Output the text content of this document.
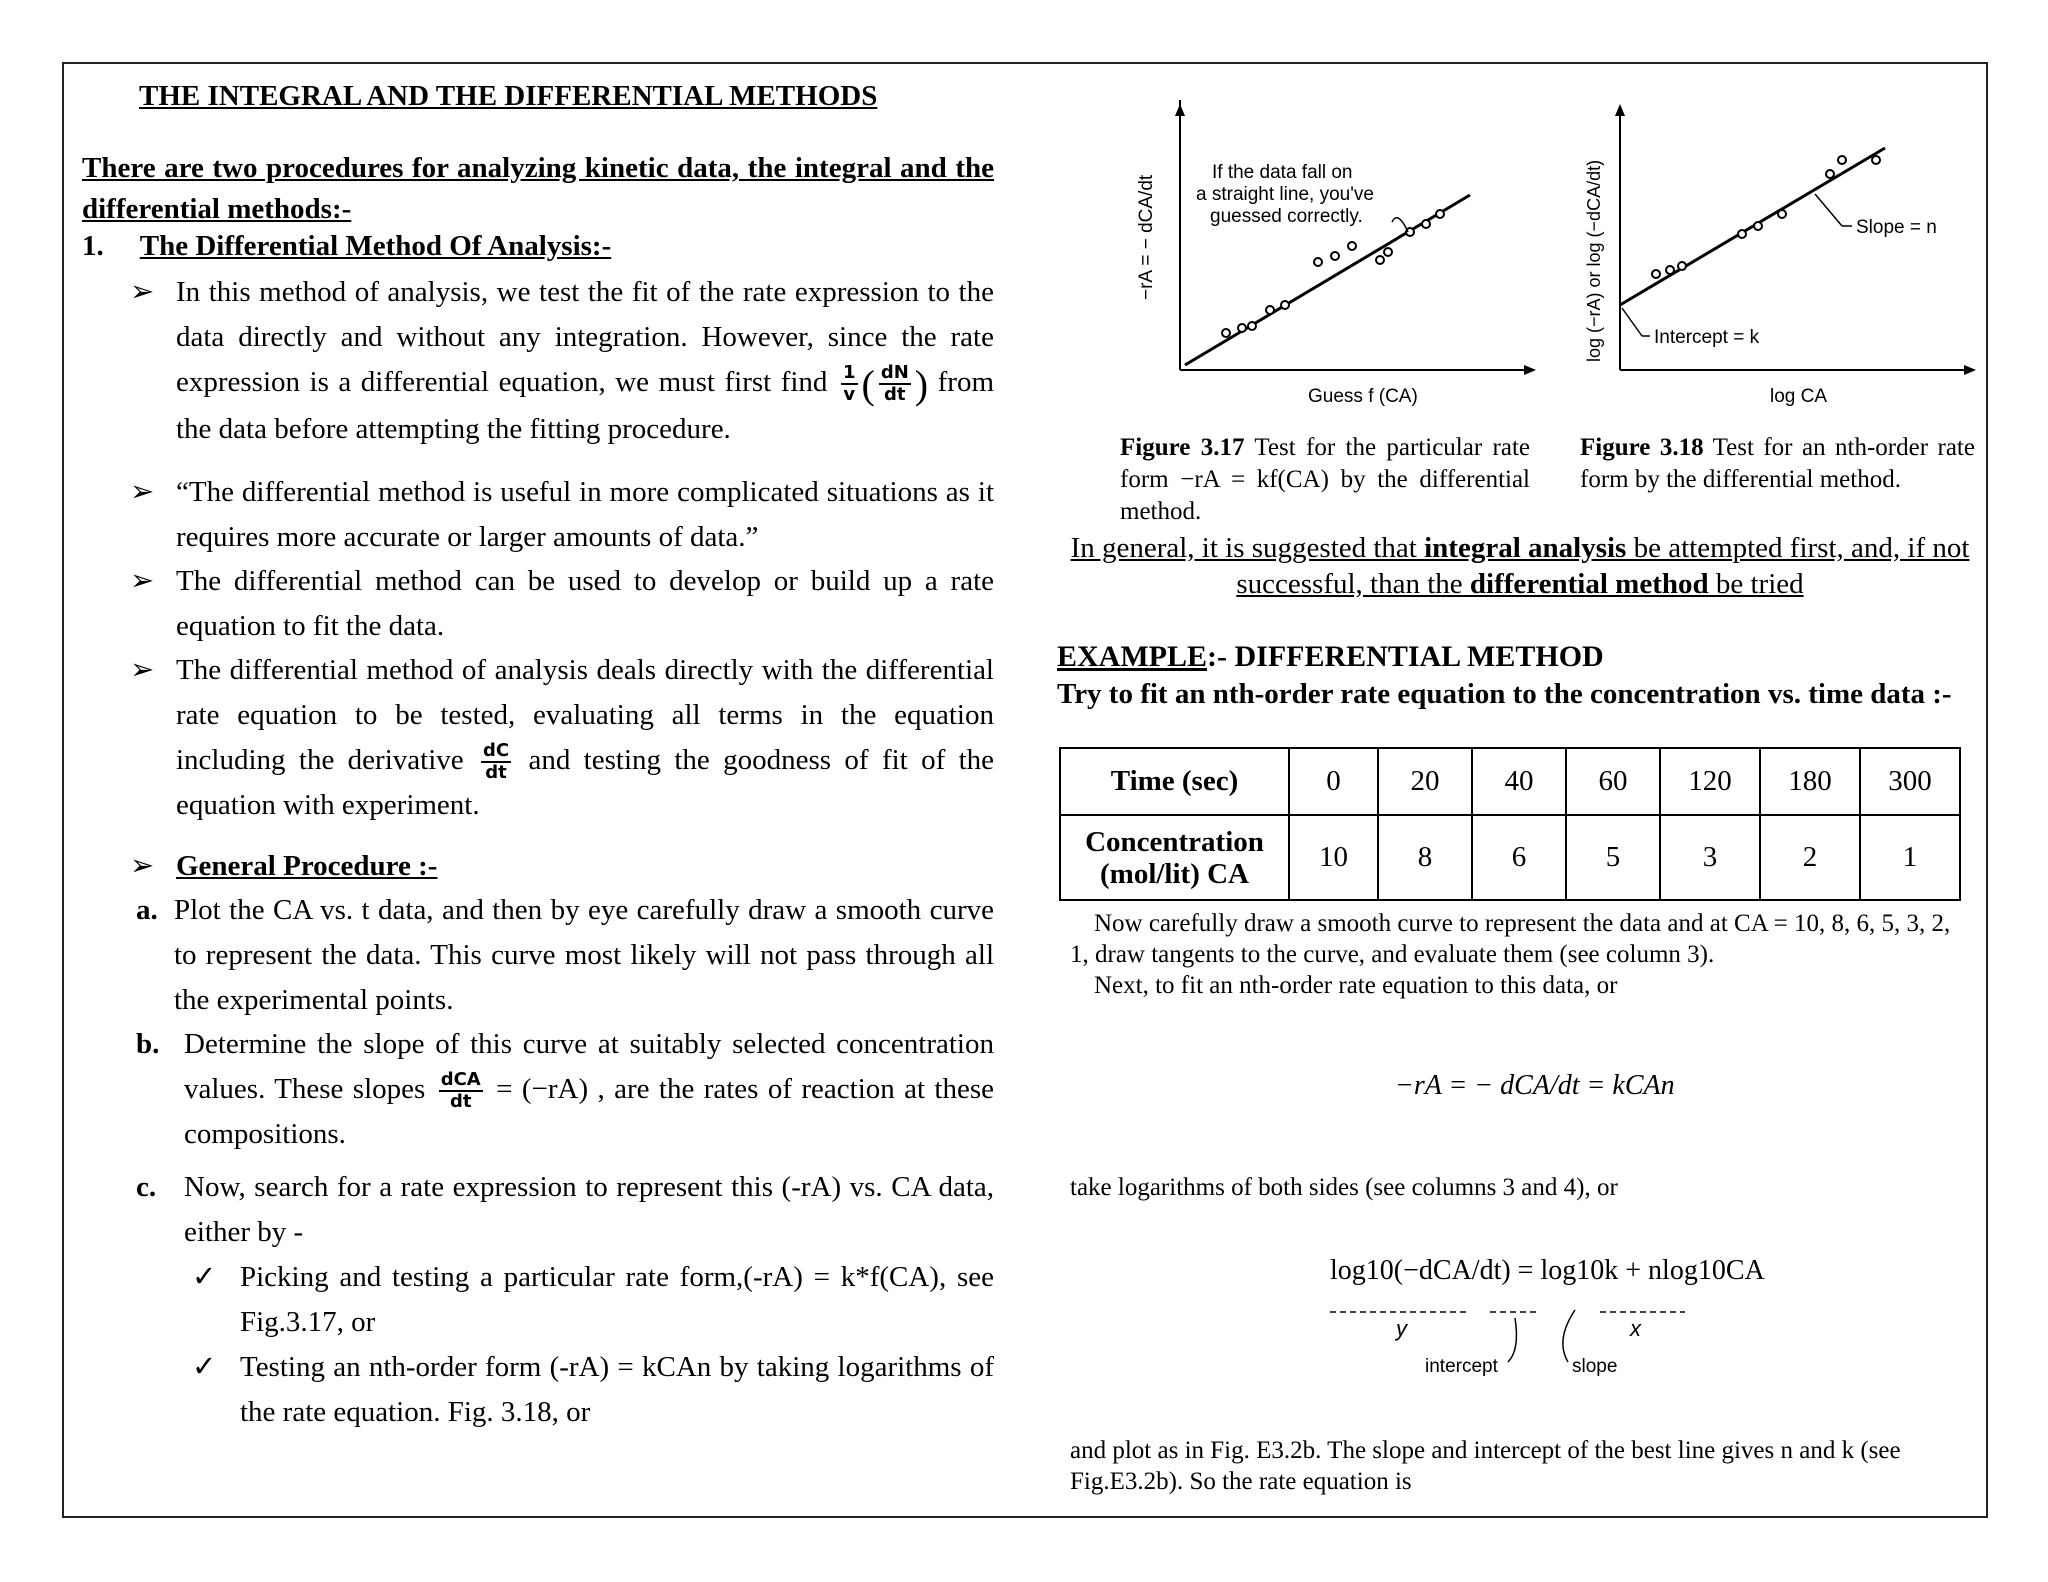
THE INTEGRAL AND THE DIFFERENTIAL METHODS
There are two procedures for analyzing kinetic data, the integral and the differential methods:-
1. The Differential Method Of Analysis:-
➢ In this method of analysis, we test the fit of the rate expression to the data directly and without any integration. However, since the rate expression is a differential equation, we must first find $\frac{1}{v}$ ( $\frac{dN}{dt}$ ) from the data before attempting the fitting procedure.
➢ “The differential method is useful in more complicated situations as it requires more accurate or larger amounts of data.”
➢ The differential method can be used to develop or build up a rate equation to fit the data.
➢ The differential method of analysis deals directly with the differential rate equation to be tested, evaluating all terms in the equation including the derivative $\frac{dC}{dt}$ and testing the goodness of fit of the equation with experiment.
➢ General Procedure :-
a. Plot the CA vs. t data, and then by eye carefully draw a smooth curve to represent the data. This curve most likely will not pass through all the experimental points.
b. Determine the slope of this curve at suitably selected concentration values. These slopes $\frac{\text{dCA}}{dt} = (-rA)$ , are the rates of reaction at these compositions.
c. Now, search for a rate expression to represent this (-rA) vs. CA data, either by -
✓ Picking and testing a particular rate form,(-rA) = k*f(CA), see Fig.3.17, or
✓ Testing an nth-order form (-rA) = kCAn by taking logarithms of the rate equation. Fig. 3.18, or
If the data fall on
a straight line, you've
guessed correctly.
Guess f (CA)
−rA = − dCA/dt	Slope = n
Intercept = k
log CA
log (−rA) or log (−dCA/dt)
Figure 3.17 Test for the particular rate form −rA = kf(CA) by the differential method.
Figure 3.18 Test for an nth-order rate form by the differential method.
In general, it is suggested that integral analysis be attempted first, and, if not successful, than the differential method be tried
EXAMPLE:- DIFFERENTIAL METHOD
Try to fit an nth-order rate equation to the concentration vs. time data :-
Time (sec)	0	20	40	60	120	180	300
Concentration
(mol/lit) CA	10	8	6	5	3	2	1
Now carefully draw a smooth curve to represent the data and at CA = 10, 8, 6, 5, 3, 2, 1, draw tangents to the curve, and evaluate them (see column 3).
Next, to fit an nth-order rate equation to this data, or
−rA = − dCA/dt = kCAn
take logarithms of both sides (see columns 3 and 4), or
log10(−dCA/dt) = log10k + nlog10CA
y	x
intercept	slope
and plot as in Fig. E3.2b. The slope and intercept of the best line gives n and k (see Fig.E3.2b). So the rate equation is
